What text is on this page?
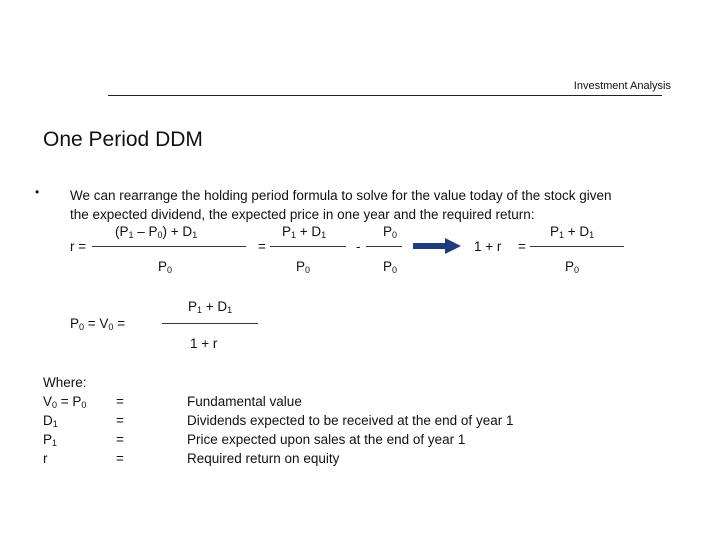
Investment Analysis
One Period DDM
• We can rearrange the holding period formula to solve for the value today of the stock given
the expected dividend, the expected price in one year and the required return:
r =
$(P_1 - P_0) + D_1$
$P_0$
=
$P_1 + D_1$
$P_0$
-
$P_0$
$P_0$
1 + r =
$P_1 + D_1$
$P_0$
$P_0 = V_0$ =
$P_1 + D_1$
1 + r
Where:
$V_0 = P_0$ =	Fundamental value
$D_1$	=	Dividends expected to be received at the end of year 1
$P_1$	=	Price expected upon sales at the end of year 1
r	=	Required return on equity
